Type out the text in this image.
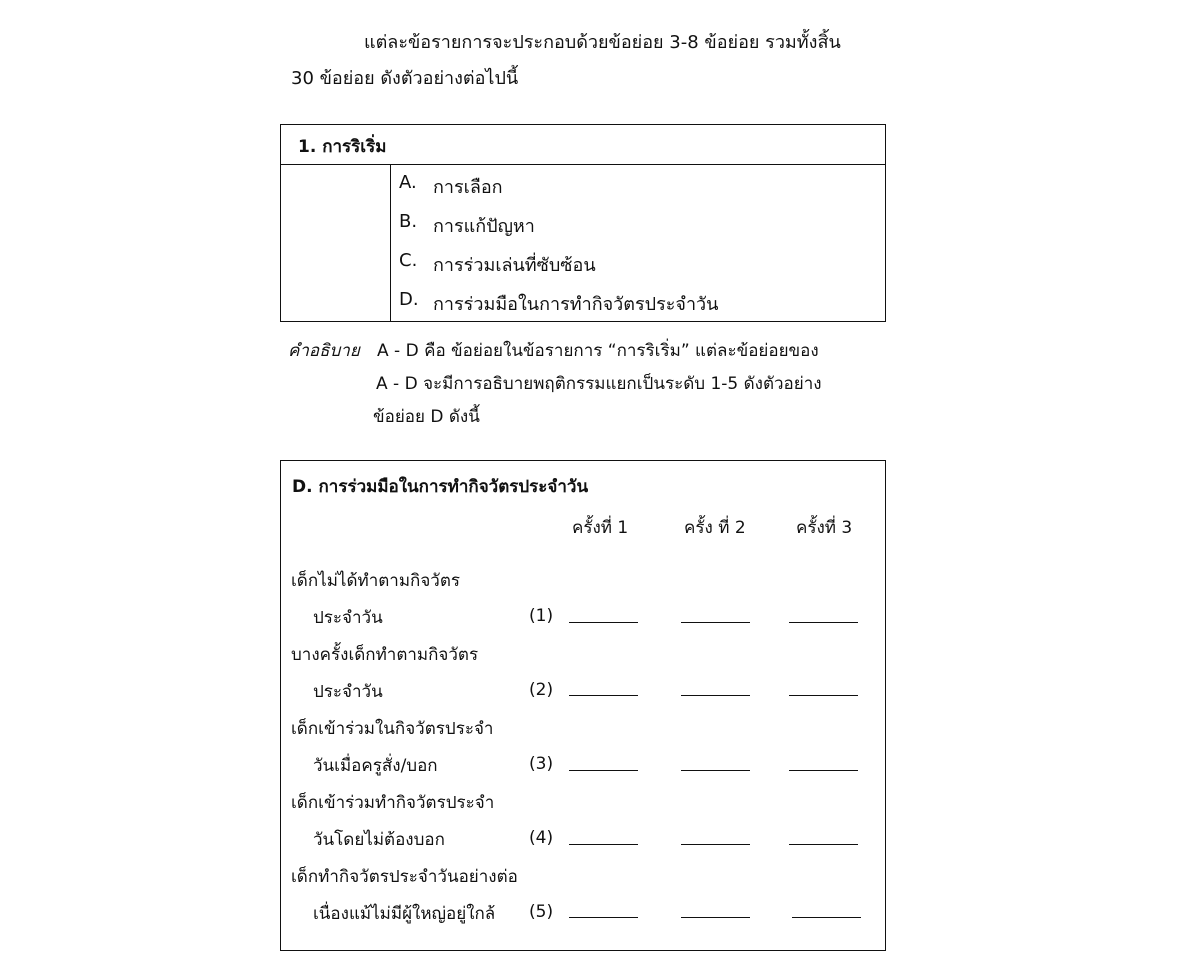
แต่ละข้อรายการจะประกอบด้วยข้อย่อย 3-8 ข้อย่อย รวมทั้งสิ้น
30 ข้อย่อย ดังตัวอย่างต่อไปนี้
1. การริเริ่ม
A. การเลือก
B. การแก้ปัญหา
C. การร่วมเล่นที่ซับซ้อน
D. การร่วมมือในการทำกิจวัตรประจำวัน
คำอธิบาย A - D คือ ข้อย่อยในข้อรายการ “การริเริ่ม” แต่ละข้อย่อยของ
A - D จะมีการอธิบายพฤติกรรมแยกเป็นระดับ 1-5 ดังตัวอย่าง
ข้อย่อย D ดังนี้
D. การร่วมมือในการทำกิจวัตรประจำวัน
ครั้งที่ 1	ครั้ง ที่ 2	ครั้งที่ 3
เด็กไม่ได้ทำตามกิจวัตร
ประจำวัน	(1)
บางครั้งเด็กทำตามกิจวัตร
ประจำวัน	(2)
เด็กเข้าร่วมในกิจวัตรประจำ
วันเมื่อครูสั่ง/บอก	(3)
เด็กเข้าร่วมทำกิจวัตรประจำ
วันโดยไม่ต้องบอก	(4)
เด็กทำกิจวัตรประจำวันอย่างต่อ
เนื่องแม้ไม่มีผู้ใหญ่อยู่ใกล้ (5)
